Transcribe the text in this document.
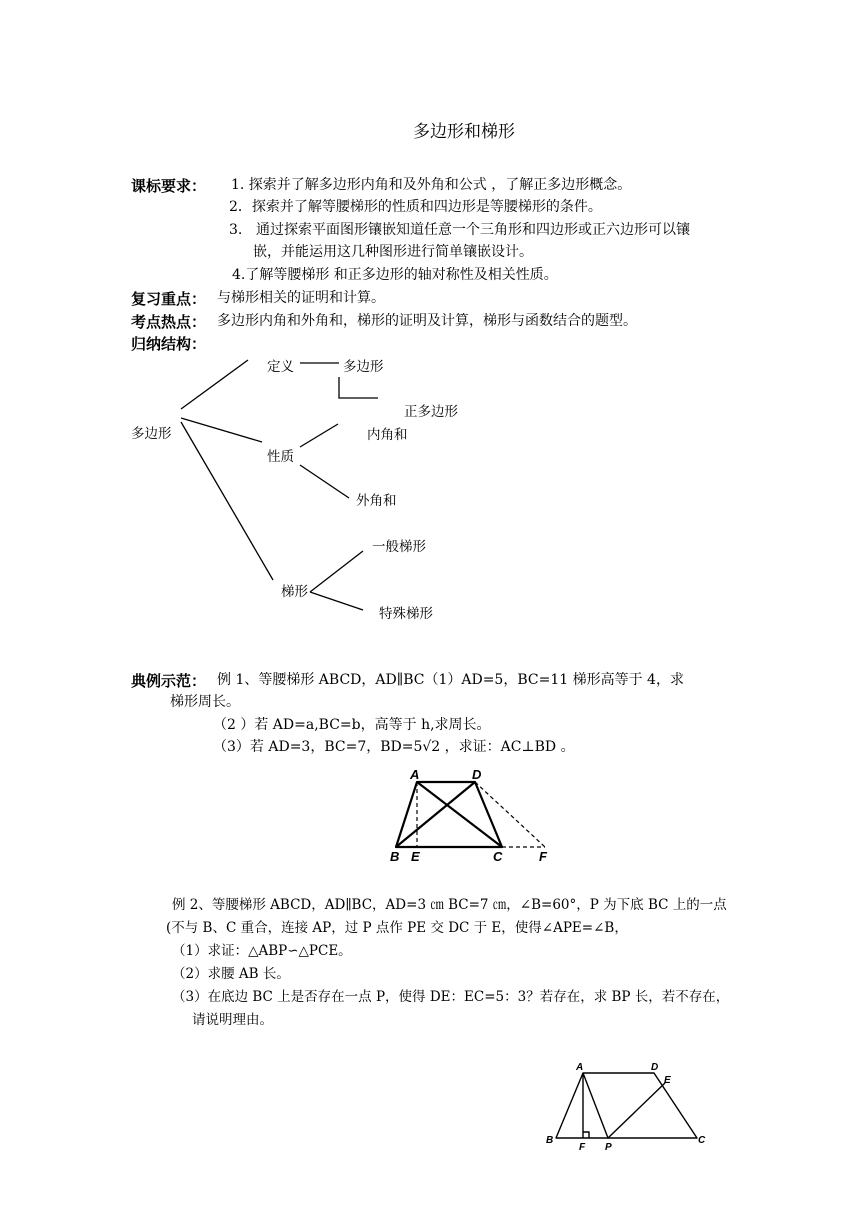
多边形和梯形
课标要求： 1. 探索并了解多边形内角和及外角和公式 ，了解正多边形概念。
2．探索并了解等腰梯形的性质和四边形是等腰梯形的条件。
3. 通过探索平面图形镶嵌知道任意一个三角形和四边形或正六边形可以镶
嵌，并能运用这几种图形进行简单镶嵌设计。
4.了解等腰梯形 和正多边形的轴对称性及相关性质。
复习重点： 与梯形相关的证明和计算。
考点热点： 多边形内角和外角和，梯形的证明及计算，梯形与函数结合的题型。
归纳结构：
多边形
定义	多边形
正多边形
性质
内角和
外角和
梯形
一般梯形
特殊梯形
典例示范： 例 1、等腰梯形 ABCD，AD∥BC（1）AD=5，BC=11 梯形高等于 4，求
梯形周长。
（2 ）若 AD=a,BC=b，高等于 h,求周长。
（3）若 AD=3，BC=7，BD=5√2 ，求证：AC⊥BD 。
A	D
B E	C	F
例 2、等腰梯形 ABCD，AD∥BC，AD=3 ㎝ BC=7 ㎝，∠B=60°，P 为下底 BC 上的一点
(不与 B、C 重合，连接 AP，过 P 点作 PE 交 DC 于 E，使得∠APE=∠B，
（1）求证：△ABP∽△PCE。
（2）求腰 AB 长。
（3）在底边 BC 上是否存在一点 P，使得 DE：EC=5：3？若存在，求 BP 长，若不存在，
请说明理由。
A	D
E
B
F P
C
